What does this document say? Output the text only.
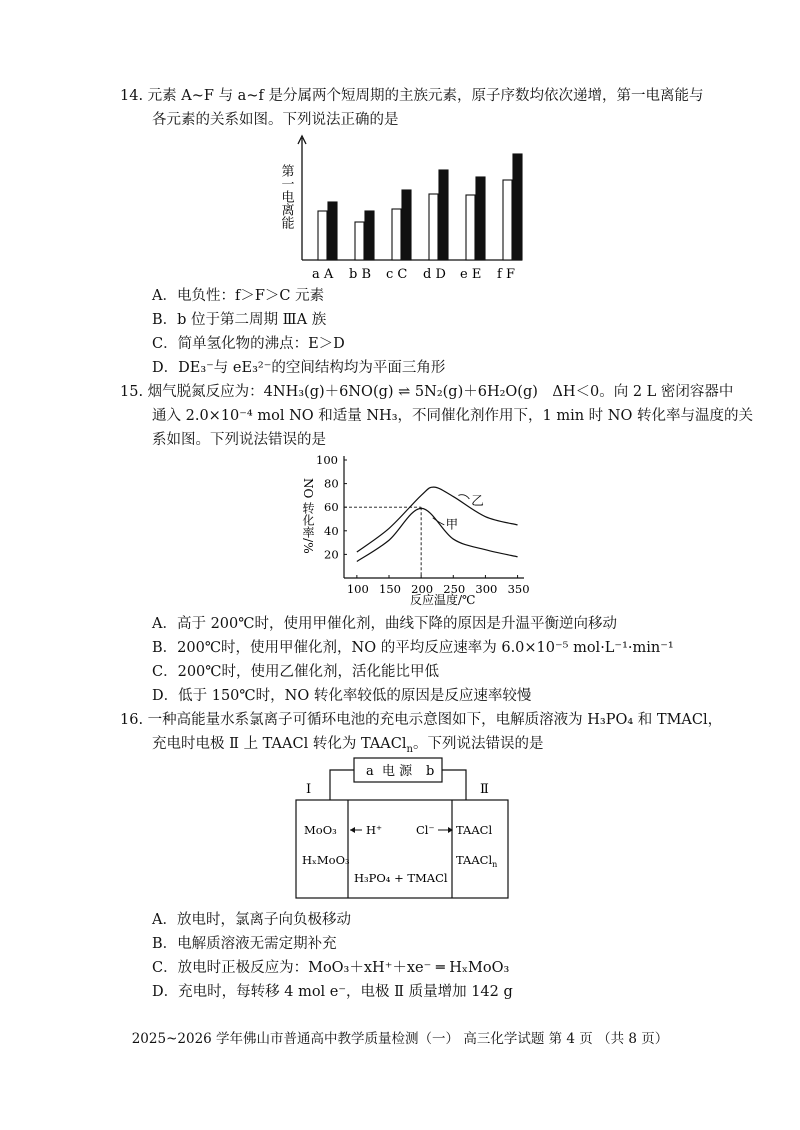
14. 元素 A~F 与 a~f 是分属两个短周期的主族元素，原子序数均依次递增，第一电离能与
各元素的关系如图。下列说法正确的是
第一电离能
a A b B c C d D e E f F
A．电负性：f＞F＞C 元素
B．b 位于第二周期 ⅢA 族
C．简单氢化物的沸点：E＞D
D．DE₃⁻与 eE₃²⁻的空间结构均为平面三角形
15. 烟气脱氮反应为：4NH₃(g)＋6NO(g) ⇌ 5N₂(g)＋6H₂O(g)　ΔH＜0。向 2 L 密闭容器中
通入 2.0×10⁻⁴ mol NO 和适量 NH₃，不同催化剂作用下，1 min 时 NO 转化率与温度的关
系如图。下列说法错误的是
100 150 200 250 300 350
20
40
60
80
100
乙
甲
NO 转化率/%
反应温度/℃
A．高于 200℃时，使用甲催化剂，曲线下降的原因是升温平衡逆向移动
B．200℃时，使用甲催化剂，NO 的平均反应速率为 6.0×10⁻⁵ mol·L⁻¹·min⁻¹
C．200℃时，使用乙催化剂，活化能比甲低
D．低于 150℃时，NO 转化率较低的原因是反应速率较慢
16. 一种高能量水系氯离子可循环电池的充电示意图如下，电解质溶液为 H₃PO₄ 和 TMACl，
充电时电极 Ⅱ 上 TAACl 转化为 TAACl$_n$。下列说法错误的是
a 电 源 b
Ⅰ	Ⅱ
MoO₃
HₓMoO₃
H⁺	Cl⁻ TAACl
TAACl$_n$
H₃PO₄ + TMACl
A．放电时，氯离子向负极移动
B．电解质溶液无需定期补充
C．放电时正极反应为：MoO₃＋xH⁺＋xe⁻ ═ HₓMoO₃
D．充电时，每转移 4 mol e⁻，电极 Ⅱ 质量增加 142 g
2025~2026 学年佛山市普通高中教学质量检测（一） 高三化学试题 第 4 页 （共 8 页）
